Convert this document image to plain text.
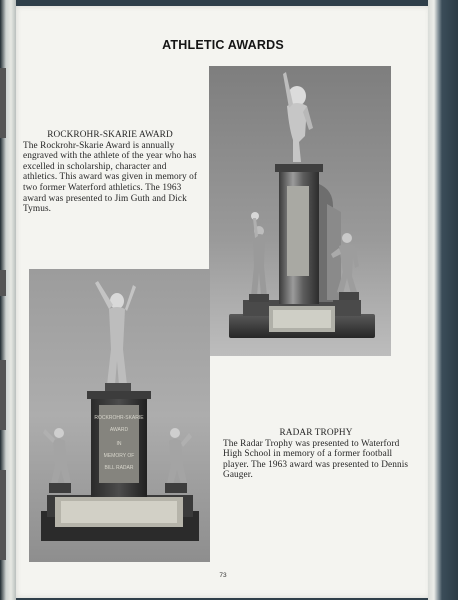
ATHLETIC AWARDS
ROCKROHR-SKARIE AWARD
The Rockrohr-Skarie Award is annually engraved with the athlete of the year who has excelled in scholarship, character and athletics. This award was given in memory of two former Waterford athletics. The 1963 award was presented to Jim Guth and Dick Tymus.
ROCKROHR-SKARIE
AWARD
IN
MEMORY OF
BILL RADAR
RADAR TROPHY
The Radar Trophy was presented to Waterford High School in memory of a former football player. The 1963 award was presented to Dennis Gauger.
73
